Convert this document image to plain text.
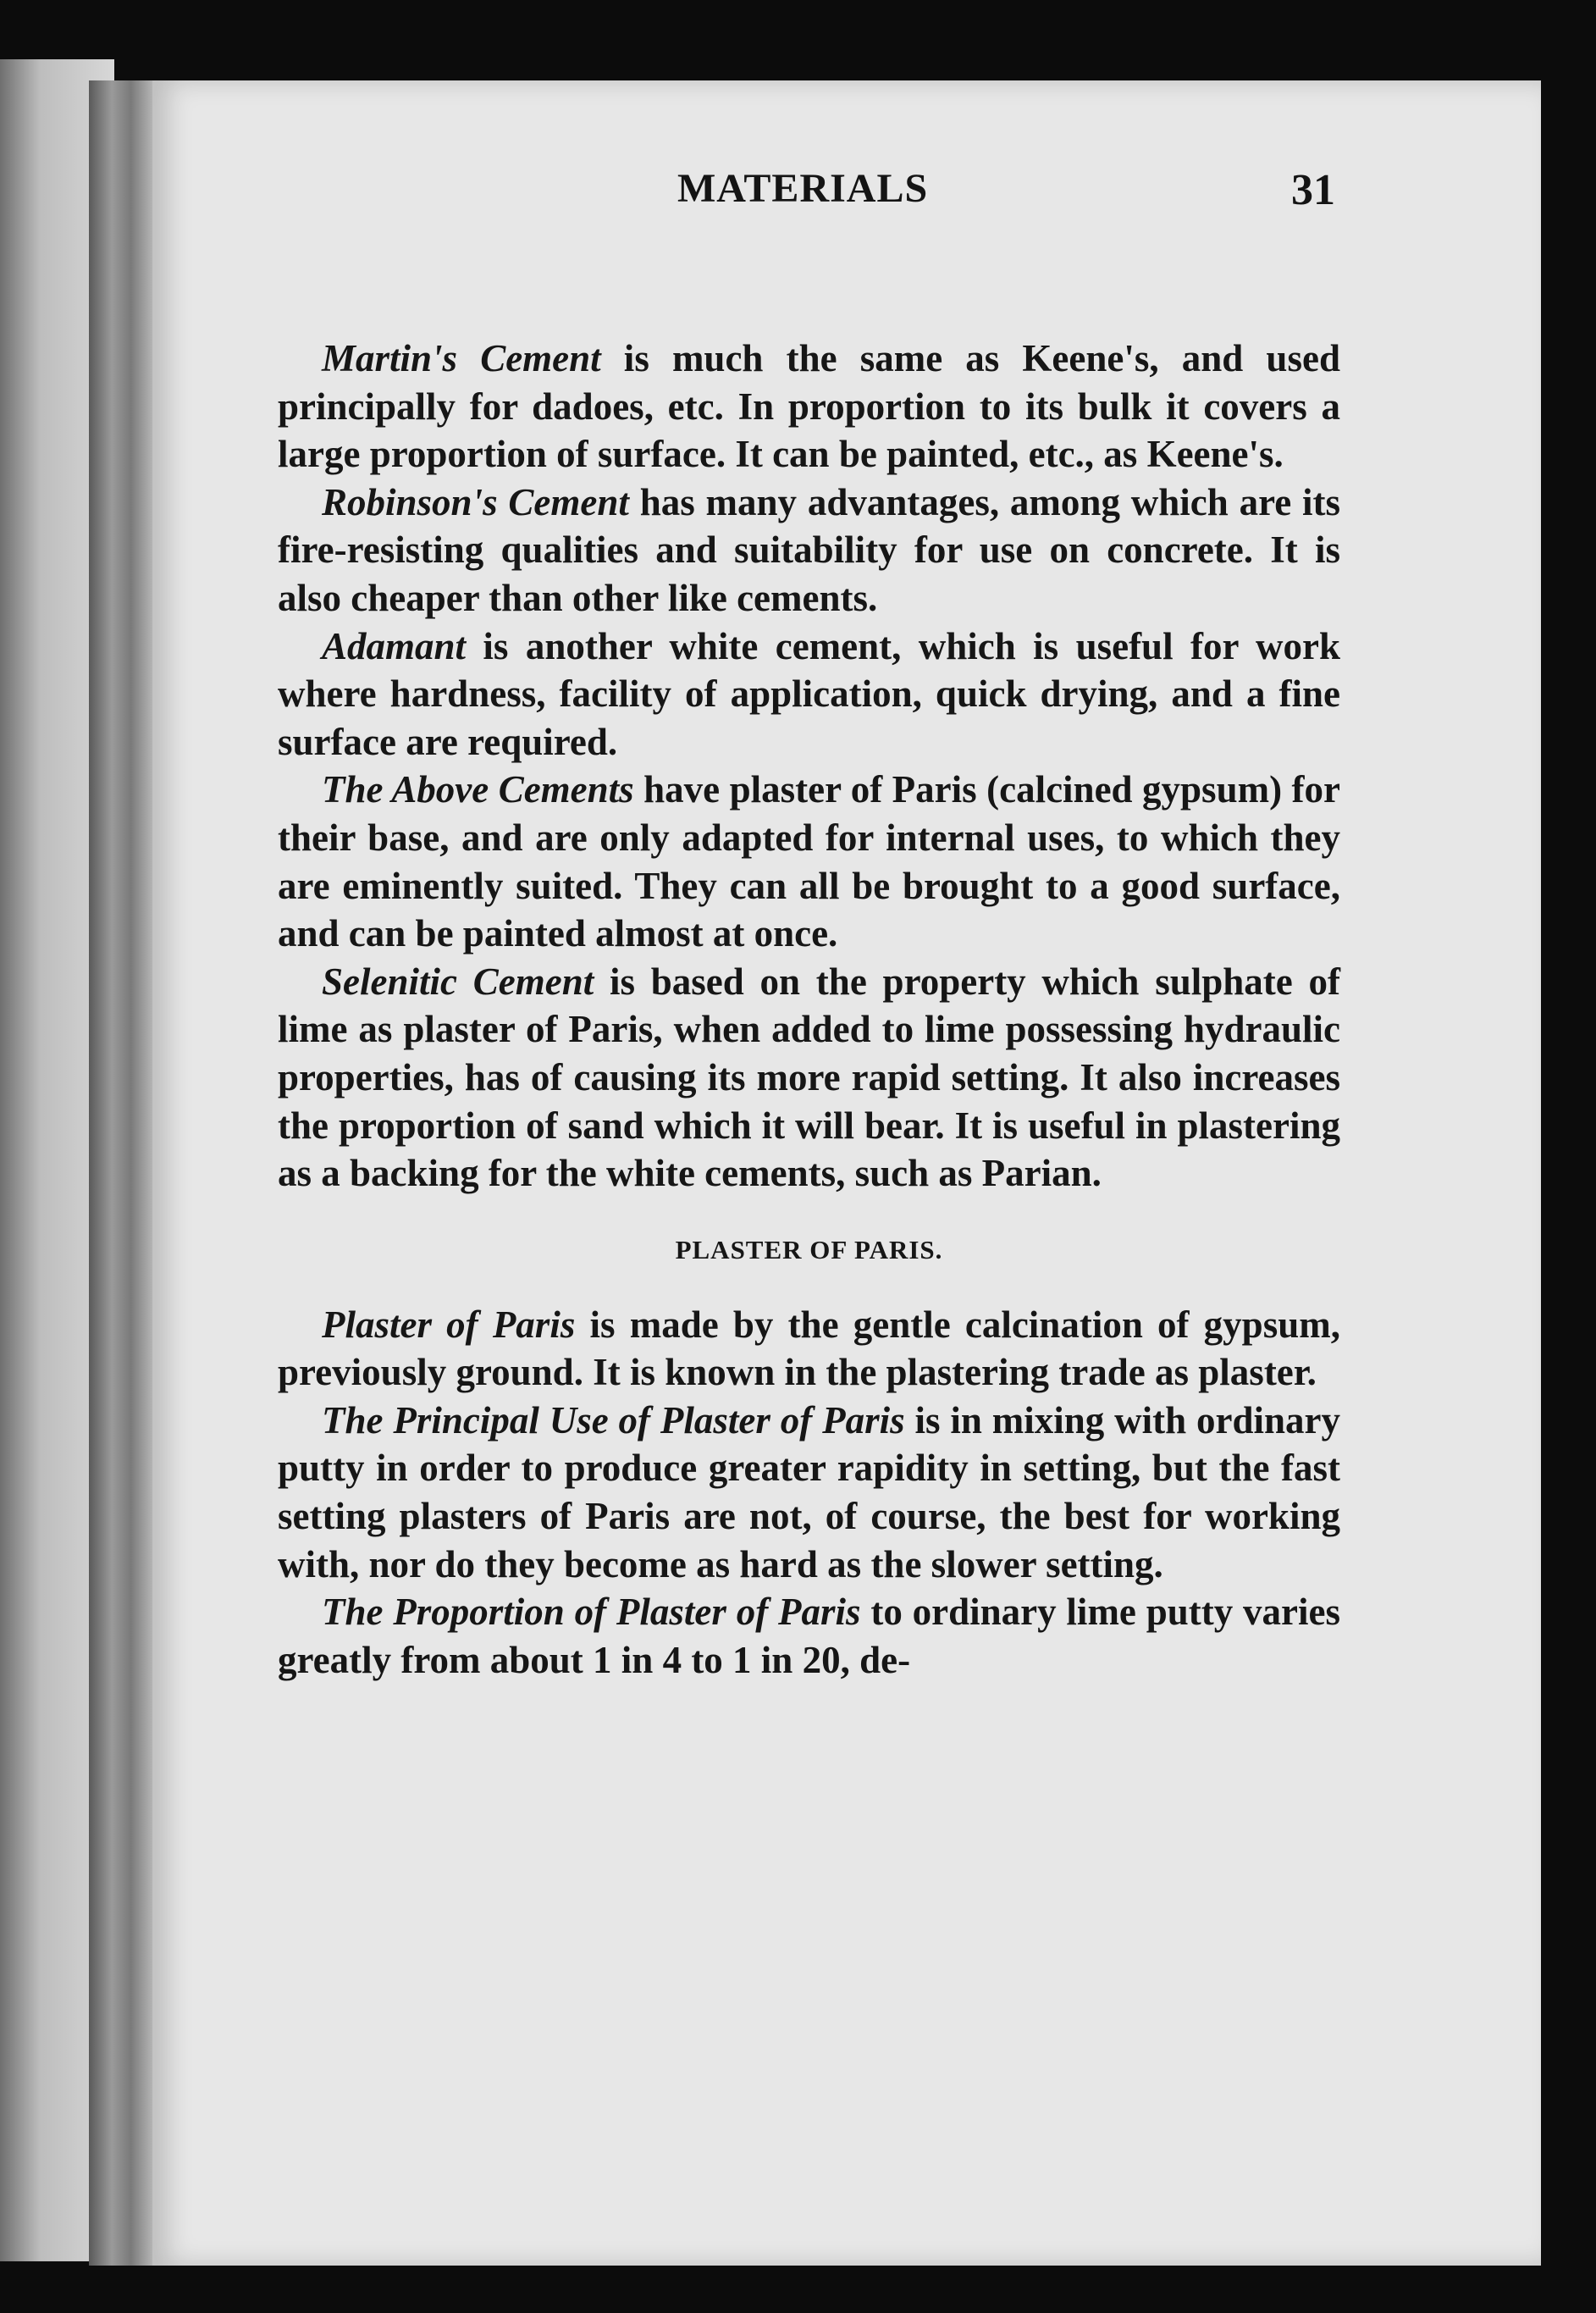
MATERIALS	31

Martin's Cement is much the same as Keene's, and used principally for dadoes, etc. In proportion to its bulk it covers a large proportion of surface. It can be painted, etc., as Keene's.

Robinson's Cement has many advantages, among which are its fire-resisting qualities and suitability for use on concrete. It is also cheaper than other like cements.

Adamant is another white cement, which is useful for work where hardness, facility of application, quick drying, and a fine surface are required.

The Above Cements have plaster of Paris (calcined gypsum) for their base, and are only adapted for internal uses, to which they are eminently suited. They can all be brought to a good surface, and can be painted almost at once.

Selenitic Cement is based on the property which sulphate of lime as plaster of Paris, when added to lime possessing hydraulic properties, has of causing its more rapid setting. It also increases the proportion of sand which it will bear. It is useful in plastering as a backing for the white cements, such as Parian.

PLASTER OF PARIS.

Plaster of Paris is made by the gentle calcination of gypsum, previously ground. It is known in the plastering trade as plaster.

The Principal Use of Plaster of Paris is in mixing with ordinary putty in order to produce greater rapidity in setting, but the fast setting plasters of Paris are not, of course, the best for working with, nor do they become as hard as the slower setting.

The Proportion of Plaster of Paris to ordinary lime putty varies greatly from about 1 in 4 to 1 in 20, de-
